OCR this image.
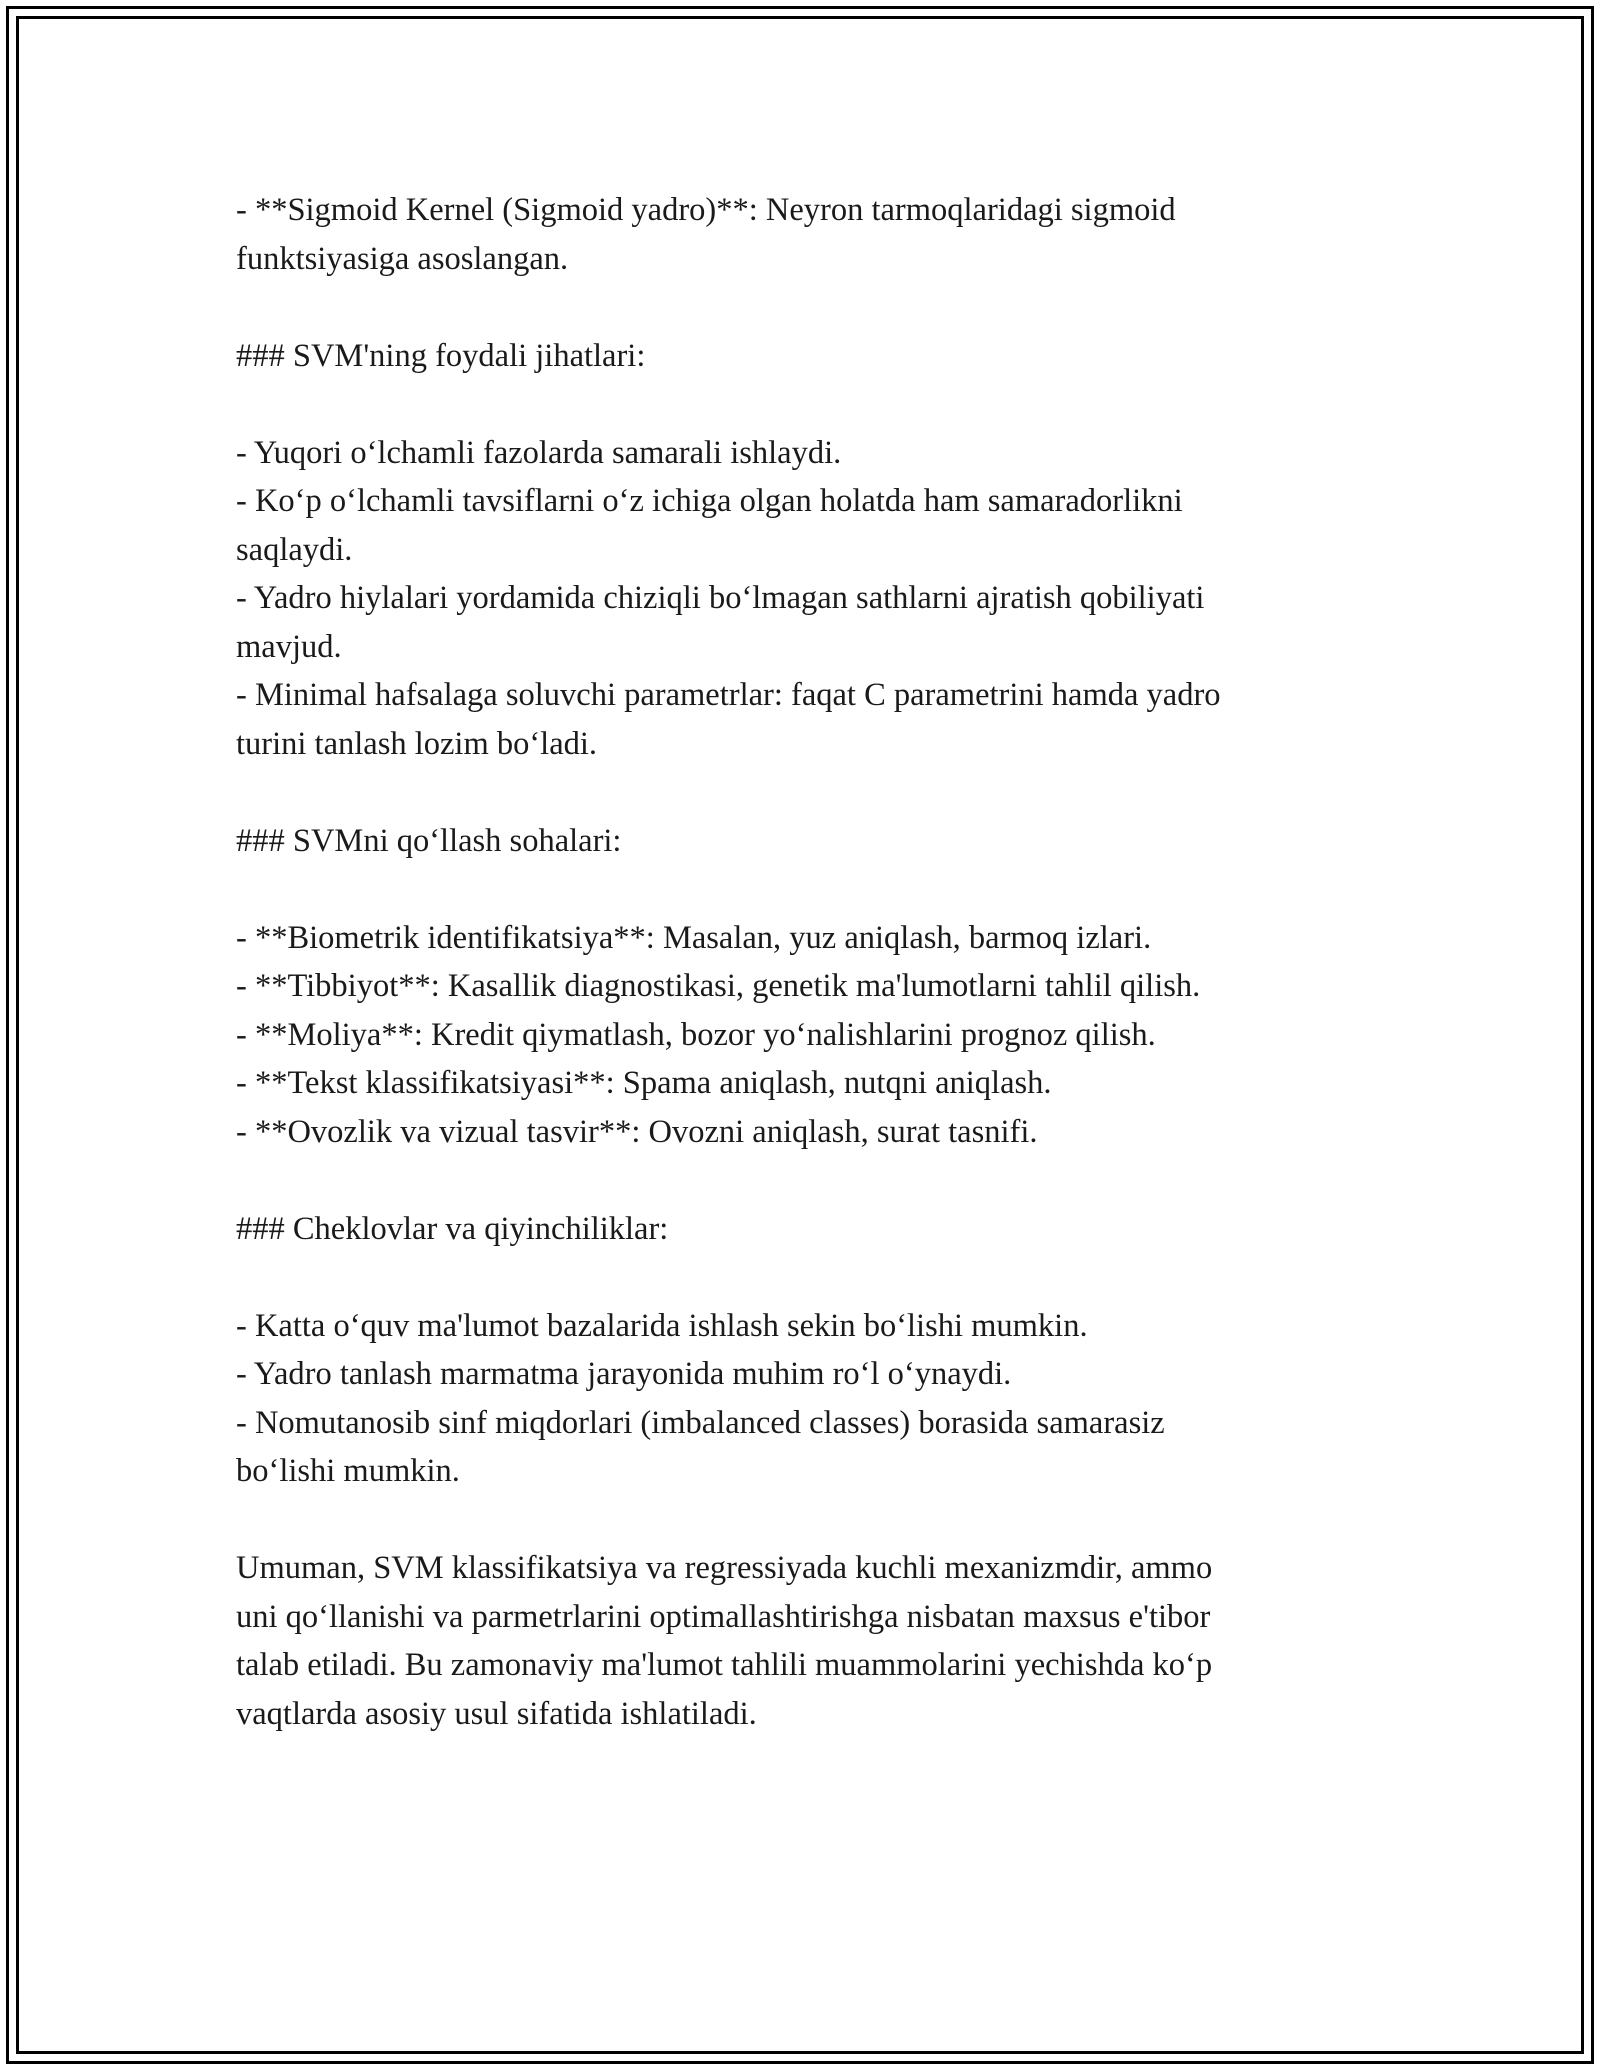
- **Sigmoid Kernel (Sigmoid yadro)**: Neyron tarmoqlaridagi sigmoid
funktsiyasiga asoslangan.
### SVM'ning foydali jihatlari:
- Yuqori o‘lchamli fazolarda samarali ishlaydi.
- Ko‘p o‘lchamli tavsiflarni o‘z ichiga olgan holatda ham samaradorlikni
saqlaydi.
- Yadro hiylalari yordamida chiziqli bo‘lmagan sathlarni ajratish qobiliyati
mavjud.
- Minimal hafsalaga soluvchi parametrlar: faqat C parametrini hamda yadro
turini tanlash lozim bo‘ladi.
### SVMni qo‘llash sohalari:
- **Biometrik identifikatsiya**: Masalan, yuz aniqlash, barmoq izlari.
- **Tibbiyot**: Kasallik diagnostikasi, genetik ma'lumotlarni tahlil qilish.
- **Moliya**: Kredit qiymatlash, bozor yo‘nalishlarini prognoz qilish.
- **Tekst klassifikatsiyasi**: Spama aniqlash, nutqni aniqlash.
- **Ovozlik va vizual tasvir**: Ovozni aniqlash, surat tasnifi.
### Cheklovlar va qiyinchiliklar:
- Katta o‘quv ma'lumot bazalarida ishlash sekin bo‘lishi mumkin.
- Yadro tanlash marmatma jarayonida muhim ro‘l o‘ynaydi.
- Nomutanosib sinf miqdorlari (imbalanced classes) borasida samarasiz
bo‘lishi mumkin.
Umuman, SVM klassifikatsiya va regressiyada kuchli mexanizmdir, ammo
uni qo‘llanishi va parmetrlarini optimallashtirishga nisbatan maxsus e'tibor
talab etiladi. Bu zamonaviy ma'lumot tahlili muammolarini yechishda ko‘p
vaqtlarda asosiy usul sifatida ishlatiladi.
